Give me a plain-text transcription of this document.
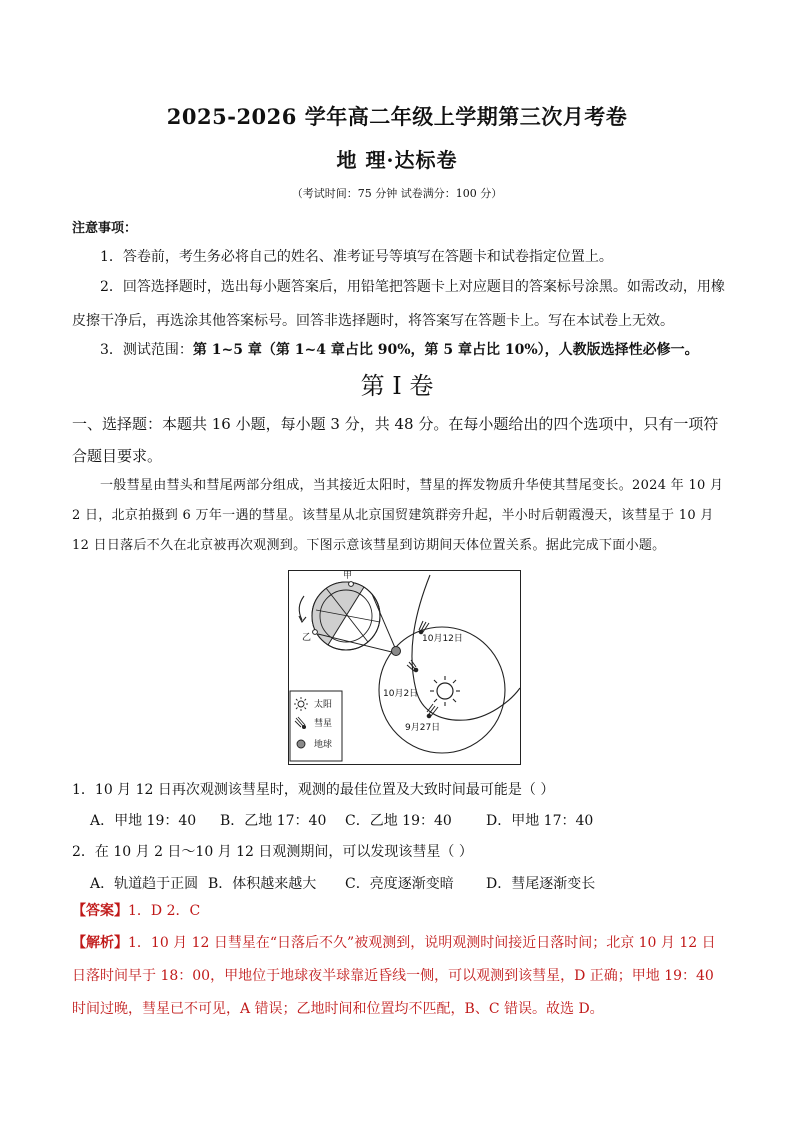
2025-2026 学年高二年级上学期第三次月考卷
地 理·达标卷
（考试时间：75 分钟 试卷满分：100 分）
注意事项：
1．答卷前，考生务必将自己的姓名、准考证号等填写在答题卡和试卷指定位置上。
2．回答选择题时，选出每小题答案后，用铅笔把答题卡上对应题目的答案标号涂黑。如需改动，用橡皮擦干净后，再选涂其他答案标号。回答非选择题时，将答案写在答题卡上。写在本试卷上无效。
3．测试范围：第 1~5 章（第 1~4 章占比 90%，第 5 章占比 10%），人教版选择性必修一。
第 I 卷
一、选择题：本题共 16 小题，每小题 3 分，共 48 分。在每小题给出的四个选项中，只有一项符合题目要求。
一般彗星由彗头和彗尾两部分组成，当其接近太阳时，彗星的挥发物质升华使其彗尾变长。2024 年 10 月 2 日，北京拍摄到 6 万年一遇的彗星。该彗星从北京国贸建筑群旁升起，半小时后朝霞漫天，该彗星于 10 月 12 日日落后不久在北京被再次观测到。下图示意该彗星到访期间天体位置关系。据此完成下面小题。
甲
乙	10月12日
10月2日
9月27日
太阳
彗星
地球
1．10 月 12 日再次观测该彗星时，观测的最佳位置及大致时间最可能是（ ）
A．甲地 19：40 B．乙地 17：40 C．乙地 19：40 D．甲地 17：40
2．在 10 月 2 日～10 月 12 日观测期间，可以发现该彗星（ ）
A．轨道趋于正圆 B．体积越来越大 C．亮度逐渐变暗 D．彗尾逐渐变长
【答案】1．D 2．C
【解析】1．10 月 12 日彗星在“日落后不久”被观测到，说明观测时间接近日落时间；北京 10 月 12 日日落时间早于 18：00，甲地位于地球夜半球靠近昏线一侧，可以观测到该彗星，D 正确；甲地 19：40 时间过晚，彗星已不可见，A 错误；乙地时间和位置均不匹配，B、C 错误。故选 D。
